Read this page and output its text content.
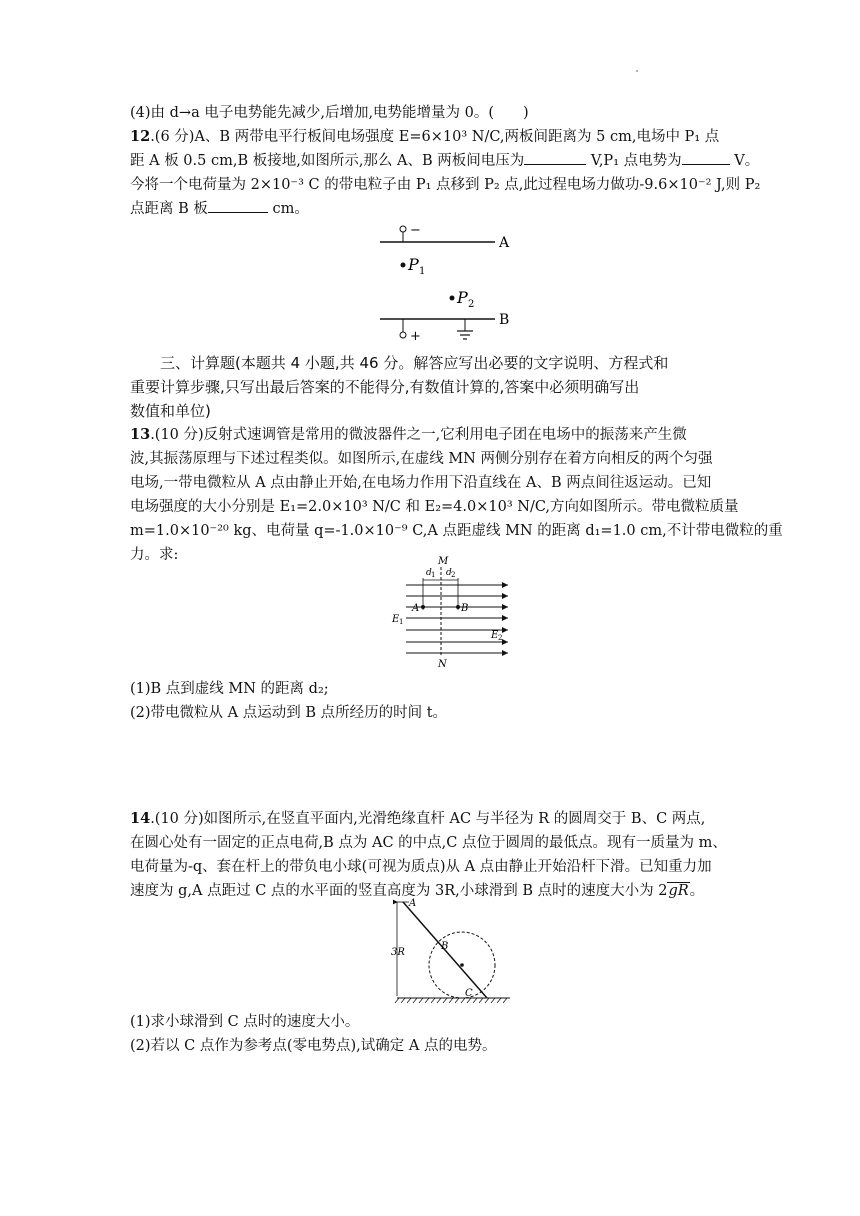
(4)由 d→a 电子电势能先减少,后增加,电势能增量为 0。(　　)
12.(6 分)A、B 两带电平行板间电场强度 E=6×10³ N/C,两板间距离为 5 cm,电场中 P₁ 点
距 A 板 0.5 cm,B 板接地,如图所示,那么 A、B 两板间电压为	V,P₁ 点电势为	V。
今将一个电荷量为 2×10⁻³ C 的带电粒子由 P₁ 点移到 P₂ 点,此过程电场力做功-9.6×10⁻² J,则 P₂
点距离 B 板	cm。
−
A
P 1
P 2
B
+
三、计算题(本题共 4 小题,共 46 分。解答应写出必要的文字说明、方程式和
重要计算步骤,只写出最后答案的不能得分,有数值计算的,答案中必须明确写出
数值和单位)
13.(10 分)反射式速调管是常用的微波器件之一,它利用电子团在电场中的振荡来产生微
波,其振荡原理与下述过程类似。如图所示,在虚线 MN 两侧分别存在着方向相反的两个匀强
电场,一带电微粒从 A 点由静止开始,在电场力作用下沿直线在 A、B 两点间往返运动。已知
电场强度的大小分别是 E₁=2.0×10³ N/C 和 E₂=4.0×10³ N/C,方向如图所示。带电微粒质量
m=1.0×10⁻²⁰ kg、电荷量 q=-1.0×10⁻⁹ C,A 点距虚线 MN 的距离 d₁=1.0 cm,不计带电微粒的重
力。求:	M
N
d 1 d 2
A	B
E 1
E 2
(1)B 点到虚线 MN 的距离 d₂;
(2)带电微粒从 A 点运动到 B 点所经历的时间 t。
14.(10 分)如图所示,在竖直平面内,光滑绝缘直杆 AC 与半径为 R 的圆周交于 B、C 两点,
在圆心处有一固定的正点电荷,B 点为 AC 的中点,C 点位于圆周的最低点。现有一质量为 m、
电荷量为-q、套在杆上的带负电小球(可视为质点)从 A 点由静止开始沿杆下滑。已知重力加
速度为 g,A 点距过 C 点的水平面的竖直高度为 3R,小球滑到 B 点时的速度大小为 2gR。
3R
A
B
C
(1)求小球滑到 C 点时的速度大小。
(2)若以 C 点作为参考点(零电势点),试确定 A 点的电势。
